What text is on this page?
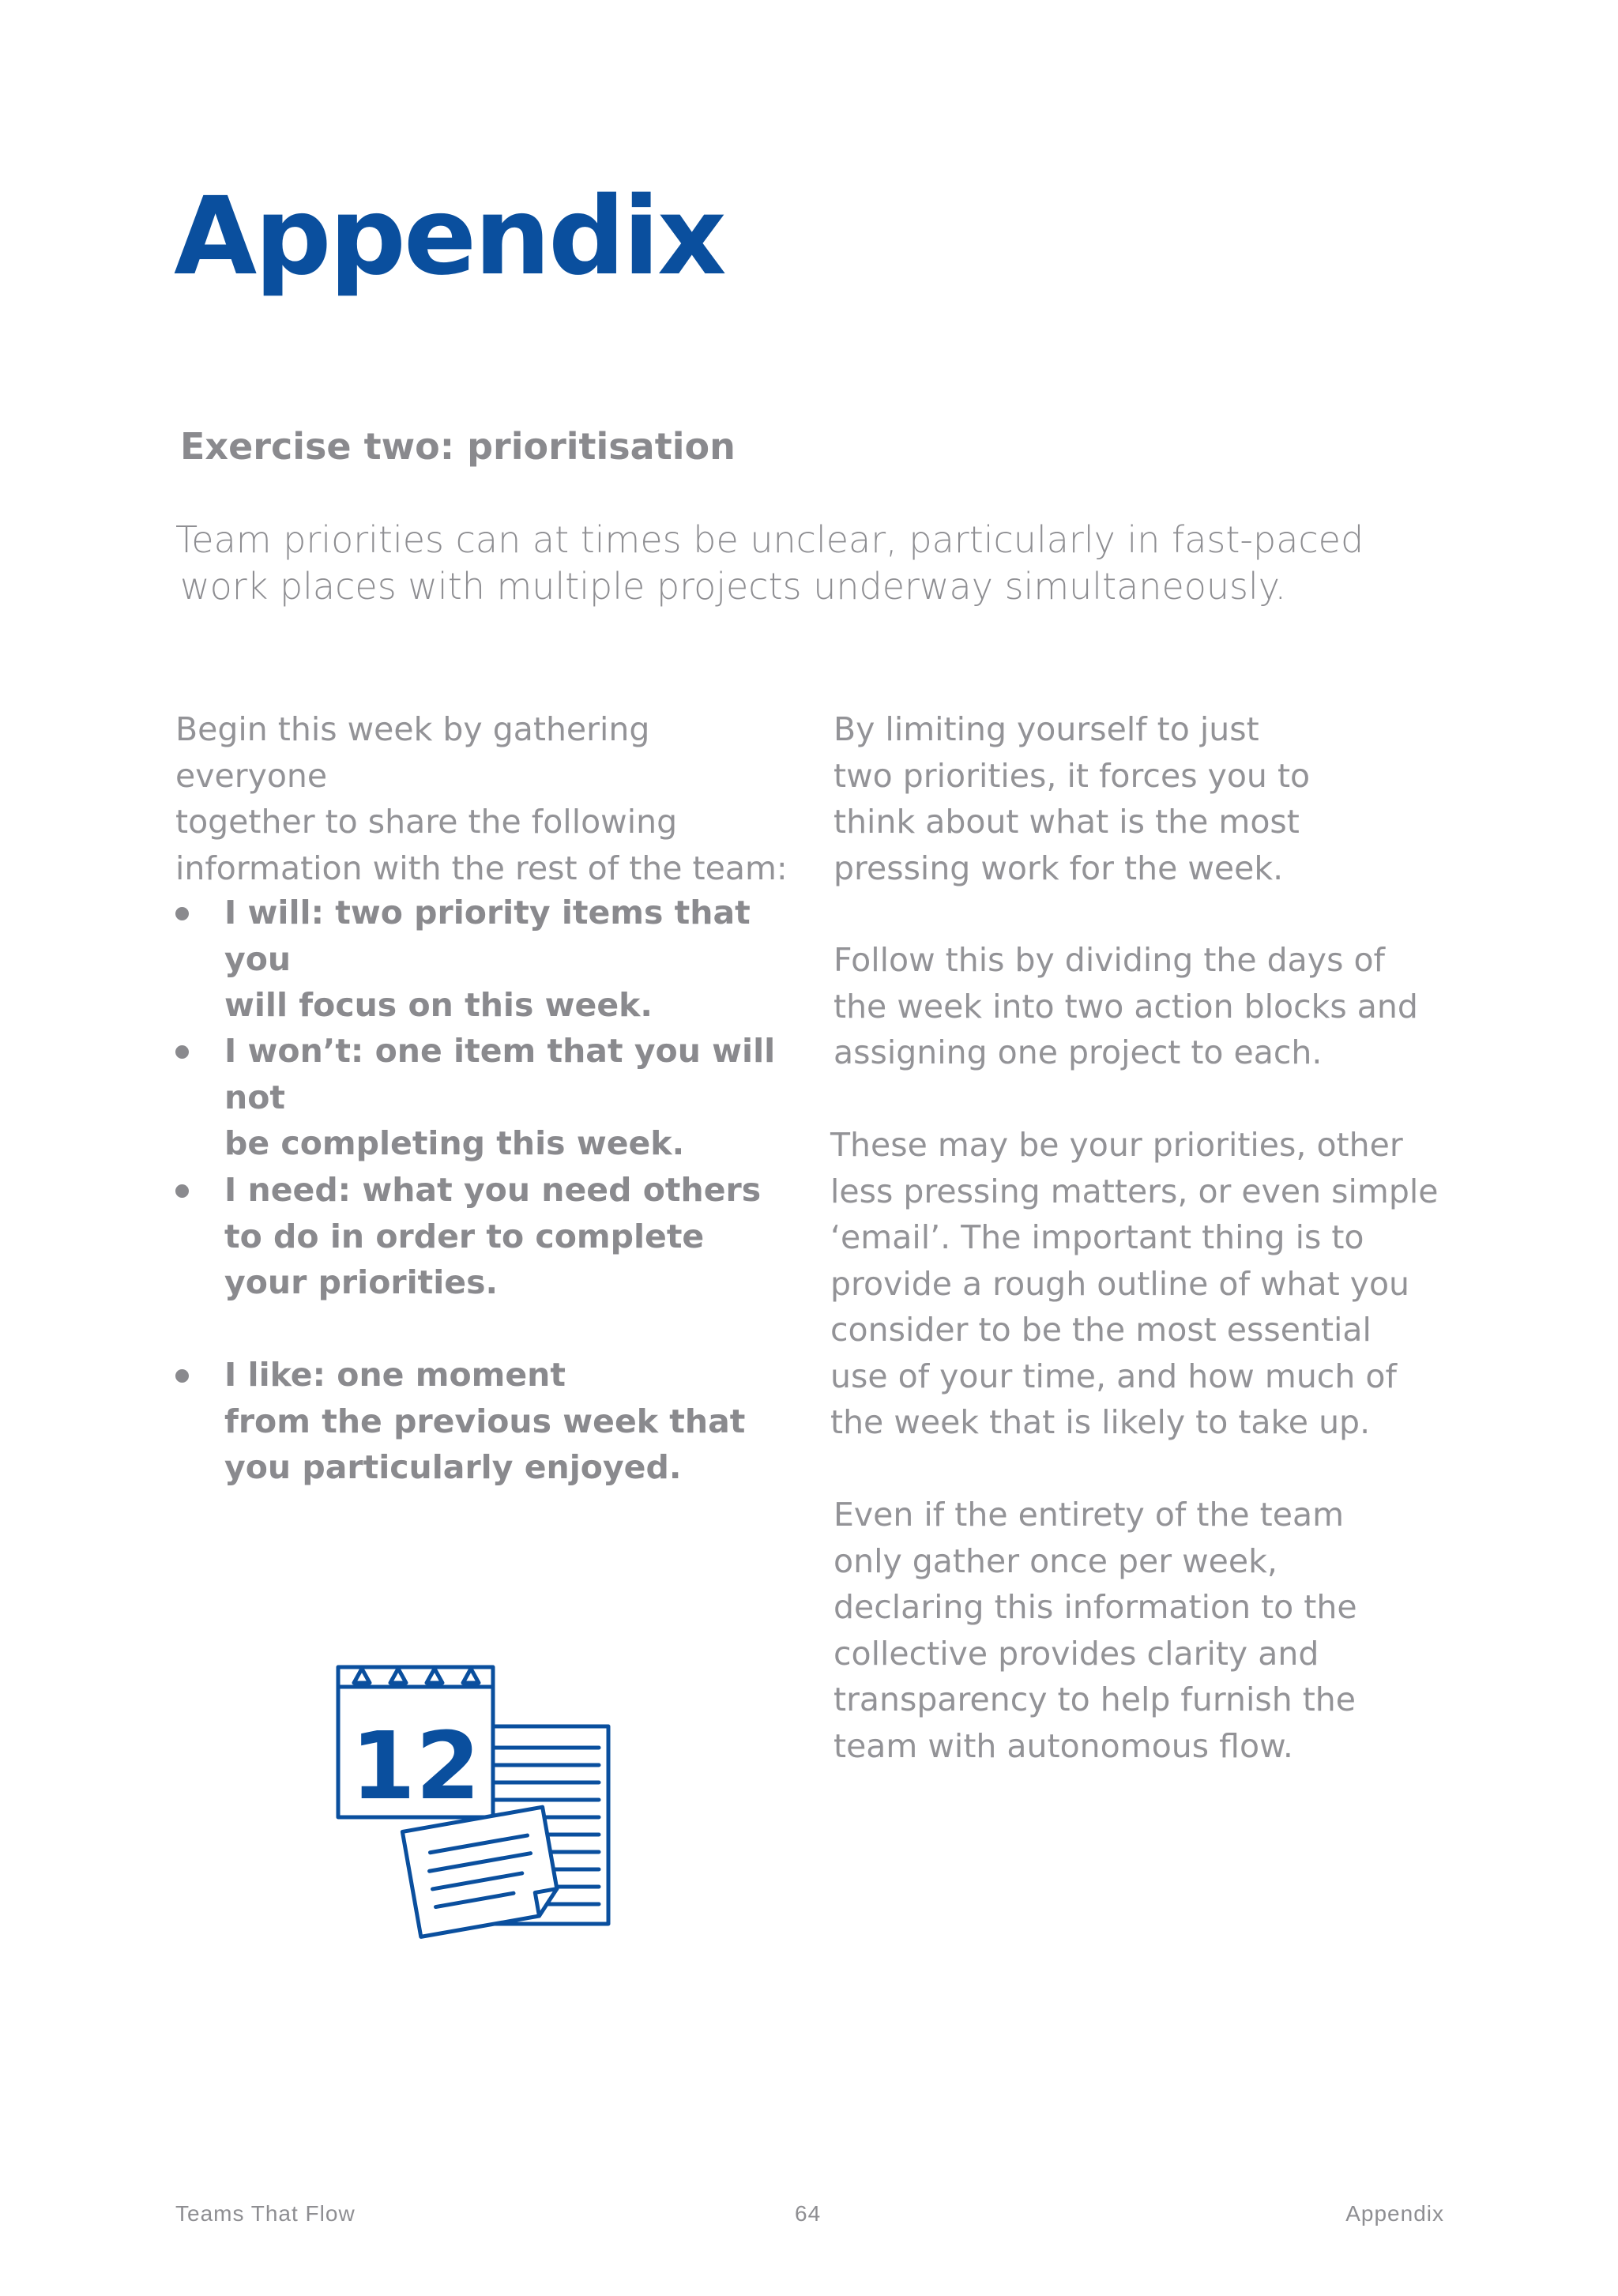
Appendix
Exercise two: prioritisation

Team priorities can at times be unclear, particularly in fast-paced
work places with multiple projects underway simultaneously.

Begin this week by gathering everyone
together to share the following
information with the rest of the team:

I will: two priority items that you
will focus on this week.
I won’t: one item that you will not
be completing this week.
I need: what you need others
to do in order to complete
your priorities.
I like: one moment
from the previous week that
you particularly enjoyed.

By limiting yourself to just
two priorities, it forces you to
think about what is the most
pressing work for the week.

Follow this by dividing the days of
the week into two action blocks and
assigning one project to each.

These may be your priorities, other
less pressing matters, or even simple
‘email’. The important thing is to
provide a rough outline of what you
consider to be the most essential
use of your time, and how much of
the week that is likely to take up.

Even if the entirety of the team
only gather once per week,
declaring this information to the
collective provides clarity and
transparency to help furnish the
team with autonomous flow.

12
Teams That Flow	64	Appendix
